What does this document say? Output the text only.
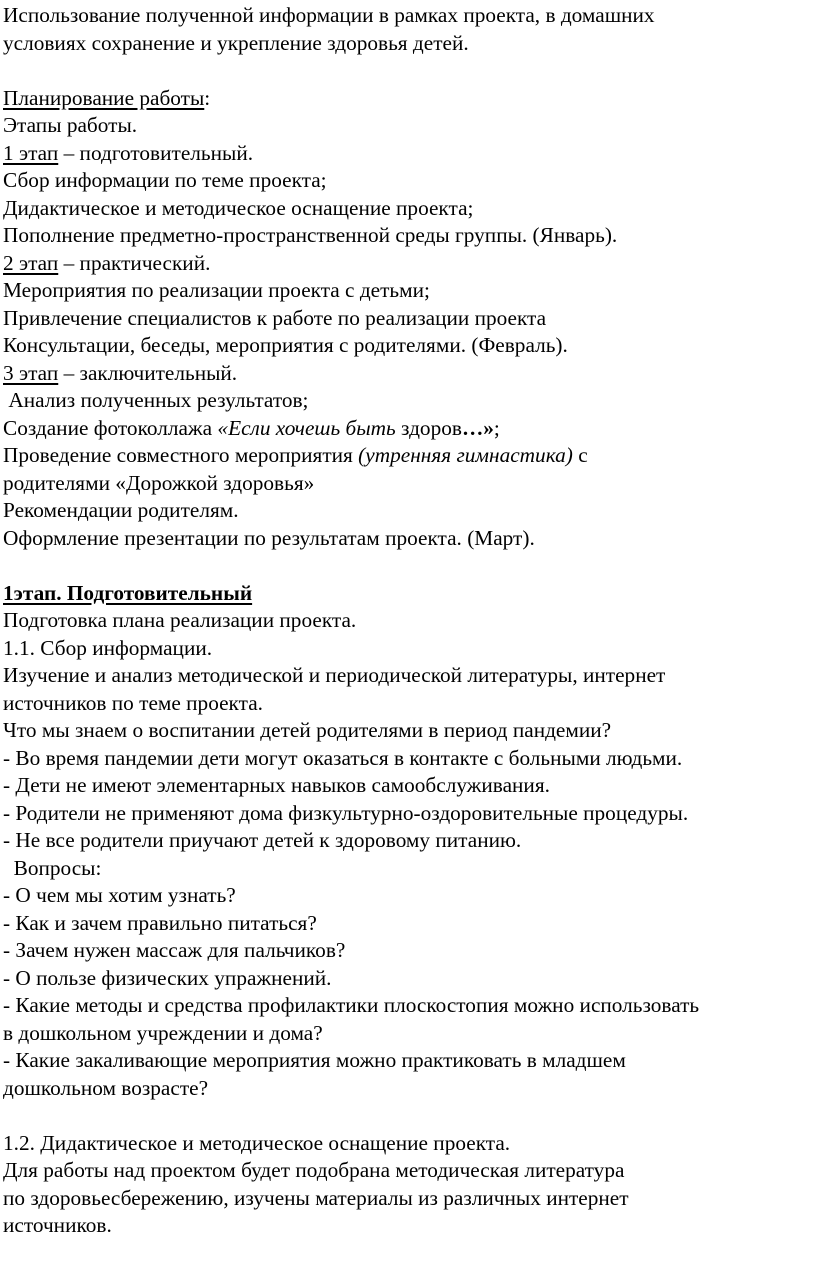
Использование полученной информации в рамках проекта, в домашних

условиях сохранение и укрепление здоровья детей.

Планирование работы:

Этапы работы.

1 этап – подготовительный.

Сбор информации по теме проекта;

Дидактическое и методическое оснащение проекта;

Пополнение предметно-пространственной среды группы. (Январь).

2 этап – практический.

Мероприятия по реализации проекта с детьми;

Привлечение специалистов к работе по реализации проекта

Консультации, беседы, мероприятия с родителями. (Февраль).

3 этап – заключительный.

Анализ полученных результатов;

Создание фотоколлажа «Если хочешь быть здоров…»;

Проведение совместного мероприятия (утренняя гимнастика) с

родителями «Дорожкой здоровья»

Рекомендации родителям.

Оформление презентации по результатам проекта. (Март).

1этап. Подготовительный

Подготовка плана реализации проекта.

1.1. Сбор информации.

Изучение и анализ методической и периодической литературы, интернет

источников по теме проекта.

Что мы знаем о воспитании детей родителями в период пандемии?

- Во время пандемии дети могут оказаться в контакте с больными людьми.

- Дети не имеют элементарных навыков самообслуживания.

- Родители не применяют дома физкультурно-оздоровительные процедуры.

- Не все родители приучают детей к здоровому питанию.

Вопросы:

- О чем мы хотим узнать?

- Как и зачем правильно питаться?

- Зачем нужен массаж для пальчиков?

- О пользе физических упражнений.

- Какие методы и средства профилактики плоскостопия можно использовать

в дошкольном учреждении и дома?

- Какие закаливающие мероприятия можно практиковать в младшем

дошкольном возрасте?

1.2. Дидактическое и методическое оснащение проекта.

Для работы над проектом будет подобрана методическая литература

по здоровьесбережению, изучены материалы из различных интернет

источников.
